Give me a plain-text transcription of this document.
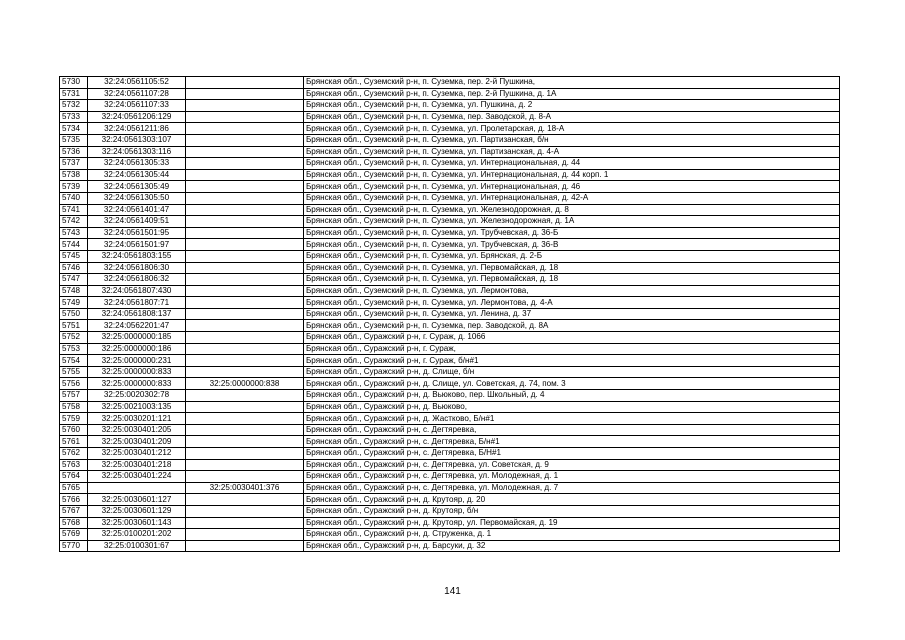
5730	32:24:0561105:52		Брянская обл., Суземский р-н, п. Суземка, пер. 2-й Пушкина,
5731	32:24:0561107:28		Брянская обл., Суземский р-н, п. Суземка, пер. 2-й Пушкина, д. 1А
5732	32:24:0561107:33		Брянская обл., Суземский р-н, п. Суземка, ул. Пушкина, д. 2
5733	32:24:0561206:129		Брянская обл., Суземский р-н, п. Суземка, пер. Заводской, д. 8-А
5734	32:24:0561211:86		Брянская обл., Суземский р-н, п. Суземка, ул. Пролетарская, д. 18-А
5735	32:24:0561303:107		Брянская обл., Суземский р-н, п. Суземка, ул. Партизанская, б/н
5736	32:24:0561303:116		Брянская обл., Суземский р-н, п. Суземка, ул. Партизанская, д. 4-А
5737	32:24:0561305:33		Брянская обл., Суземский р-н, п. Суземка, ул. Интернациональная, д. 44
5738	32:24:0561305:44		Брянская обл., Суземский р-н, п. Суземка, ул. Интернациональная, д. 44 корп. 1
5739	32:24:0561305:49		Брянская обл., Суземский р-н, п. Суземка, ул. Интернациональная, д. 46
5740	32:24:0561305:50		Брянская обл., Суземский р-н, п. Суземка, ул. Интернациональная, д. 42-А
5741	32:24:0561401:47		Брянская обл., Суземский р-н, п. Суземка, ул. Железнодорожная, д. 8
5742	32:24:0561409:51		Брянская обл., Суземский р-н, п. Суземка, ул. Железнодорожная, д. 1А
5743	32:24:0561501:95		Брянская обл., Суземский р-н, п. Суземка, ул. Трубчевская, д. 36-Б
5744	32:24:0561501:97		Брянская обл., Суземский р-н, п. Суземка, ул. Трубчевская, д. 36-В
5745	32:24:0561803:155		Брянская обл., Суземский р-н, п. Суземка, ул. Брянская, д. 2-Б
5746	32:24:0561806:30		Брянская обл., Суземский р-н, п. Суземка, ул. Первомайская, д. 18
5747	32:24:0561806:32		Брянская обл., Суземский р-н, п. Суземка, ул. Первомайская, д. 18
5748	32:24:0561807:430		Брянская обл., Суземский р-н, п. Суземка, ул. Лермонтова,
5749	32:24:0561807:71		Брянская обл., Суземский р-н, п. Суземка, ул. Лермонтова, д. 4-А
5750	32:24:0561808:137		Брянская обл., Суземский р-н, п. Суземка, ул. Ленина, д. 37
5751	32:24:0562201:47		Брянская обл., Суземский р-н, п. Суземка, пер. Заводской, д. 8А
5752	32:25:0000000:185		Брянская обл., Суражский р-н, г. Сураж, д. 1066
5753	32:25:0000000:186		Брянская обл., Суражский р-н, г. Сураж,
5754	32:25:0000000:231		Брянская обл., Суражский р-н, г. Сураж, б/н#1
5755	32:25:0000000:833		Брянская обл., Суражский р-н, д. Слище, б/н
5756	32:25:0000000:833	32:25:0000000:838	Брянская обл., Суражский р-н, д. Слище, ул. Советская, д. 74, пом. 3
5757	32:25:0020302:78		Брянская обл., Суражский р-н, д. Вьюково, пер. Школьный, д. 4
5758	32:25:0021003:135		Брянская обл., Суражский р-н, д. Вьюково,
5759	32:25:0030201:121		Брянская обл., Суражский р-н, д. Жастково, Б/н#1
5760	32:25:0030401:205		Брянская обл., Суражский р-н, с. Дегтяревка,
5761	32:25:0030401:209		Брянская обл., Суражский р-н, с. Дегтяревка, Б/н#1
5762	32:25:0030401:212		Брянская обл., Суражский р-н, с. Дегтяревка, Б/Н#1
5763	32:25:0030401:218		Брянская обл., Суражский р-н, с. Дегтяревка, ул. Советская, д. 9
5764	32:25:0030401:224		Брянская обл., Суражский р-н, с. Дегтяревка, ул. Молодежная, д. 1
5765		32:25:0030401:376	Брянская обл., Суражский р-н, с. Дегтяревка, ул. Молодежная, д. 7
5766	32:25:0030601:127		Брянская обл., Суражский р-н, д. Крутояр, д. 20
5767	32:25:0030601:129		Брянская обл., Суражский р-н, д. Крутояр, б/н
5768	32:25:0030601:143		Брянская обл., Суражский р-н, д. Крутояр, ул. Первомайская, д. 19
5769	32:25:0100201:202		Брянская обл., Суражский р-н, д. Струженка, д. 1
5770	32:25:0100301:67		Брянская обл., Суражский р-н, д. Барсуки, д. 32
141
